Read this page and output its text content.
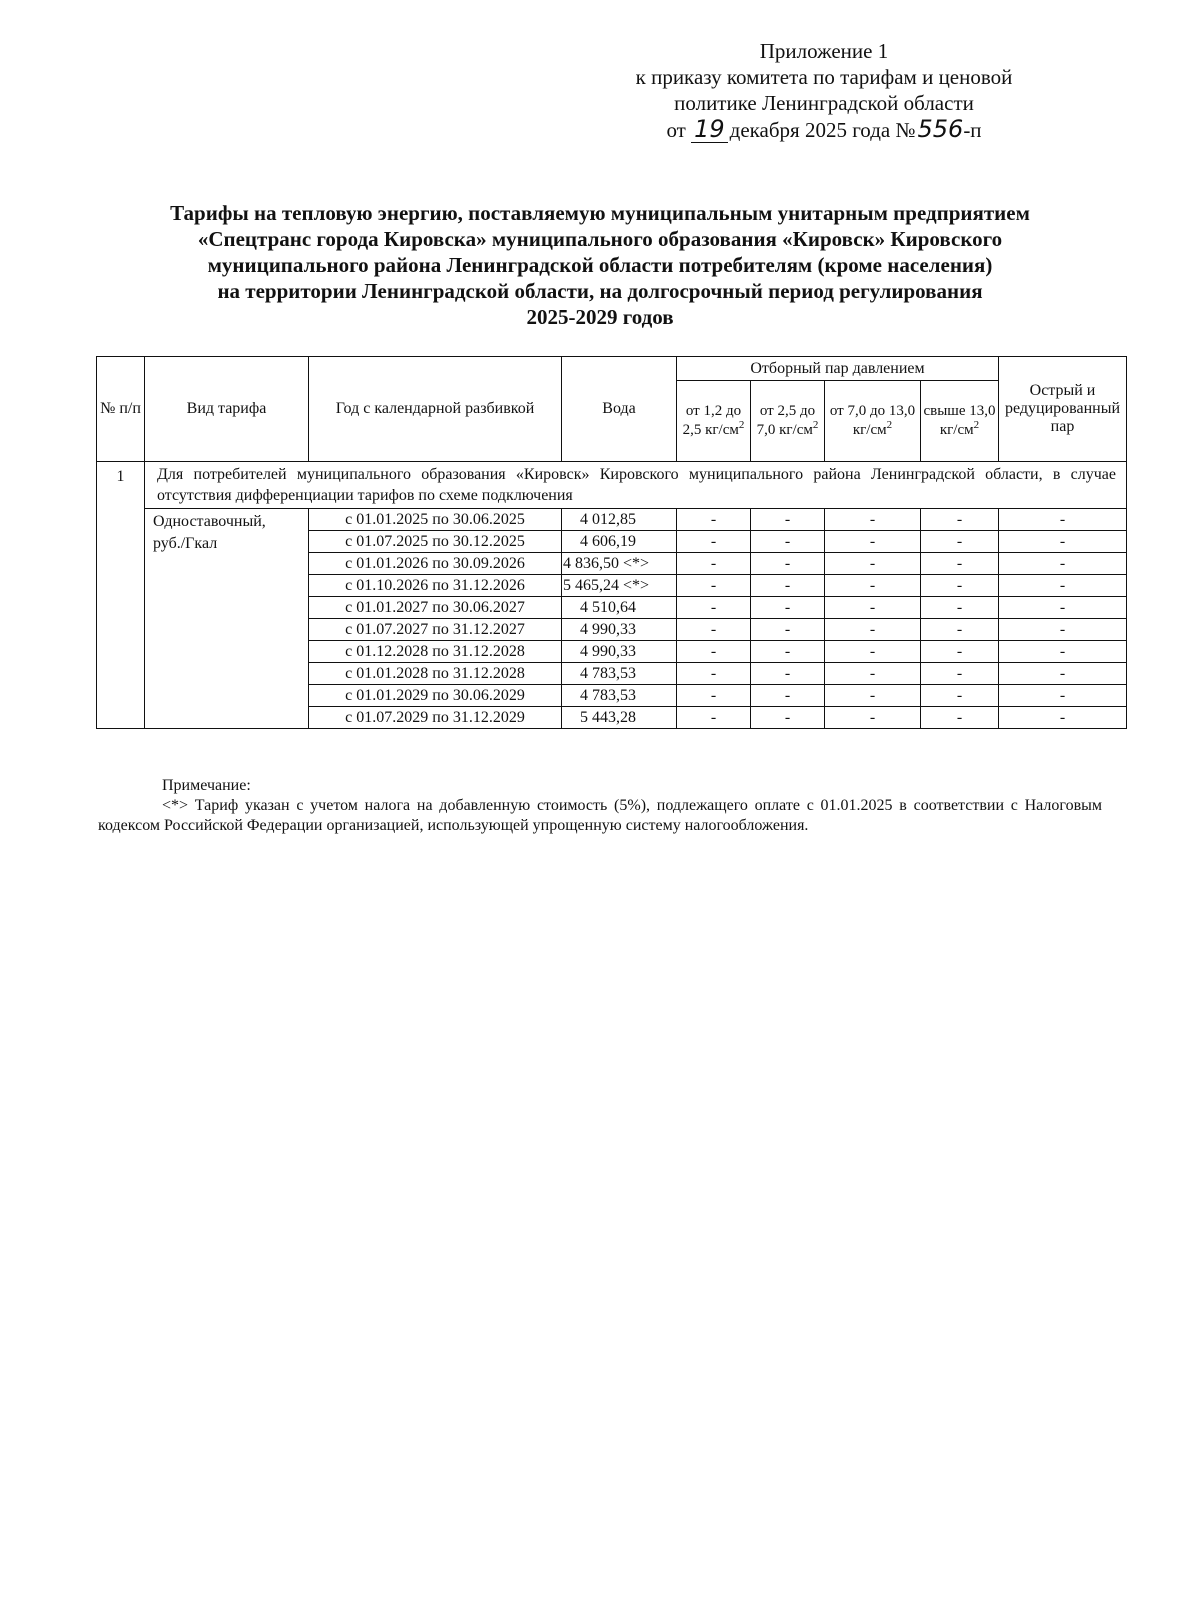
Приложение 1
к приказу комитета по тарифам и ценовой
политике Ленинградской области
от 19 декабря 2025 года №556-п
Тарифы на тепловую энергию, поставляемую муниципальным унитарным предприятием
«Спецтранс города Кировска» муниципального образования «Кировск» Кировского
муниципального района Ленинградской области потребителям (кроме населения)
на территории Ленинградской области, на долгосрочный период регулирования
2025-2029 годов
№ п/п	Вид тарифа	Год с календарной разбивкой	Вода	Отборный пар давлением				Острый и редуцированный пар
				от 1,2 до 2,5 $кг/см^2$	от 2,5 до 7,0 $кг/см^2$	от 7,0 до 13,0 $кг/см^2$	свыше 13,0 $кг/см^2$
1	Для потребителей муниципального образования «Кировск» Кировского муниципального района Ленинградской области, в случае отсутствия дифференциации тарифов по схеме подключения							
	Одноставочный, руб./Гкал	с 01.01.2025 по 30.06.2025	4 012,85	-	-	-	-	-
		с 01.07.2025 по 30.12.2025	4 606,19	-	-	-	-	-
		с 01.01.2026 по 30.09.2026	4 836,50 <*>	-	-	-	-	-
		с 01.10.2026 по 31.12.2026	5 465,24 <*>	-	-	-	-	-
		с 01.01.2027 по 30.06.2027	4 510,64	-	-	-	-	-
		с 01.07.2027 по 31.12.2027	4 990,33	-	-	-	-	-
		с 01.12.2028 по 31.12.2028	4 990,33	-	-	-	-	-
		с 01.01.2028 по 31.12.2028	4 783,53	-	-	-	-	-
		с 01.01.2029 по 30.06.2029	4 783,53	-	-	-	-	-
		с 01.07.2029 по 31.12.2029	5 443,28	-	-	-	-	-
Примечание:
<*> Тариф указан с учетом налога на добавленную стоимость (5%), подлежащего оплате с 01.01.2025 в соответствии с Налоговым кодексом Российской Федерации организацией, использующей упрощенную систему налогообложения.
